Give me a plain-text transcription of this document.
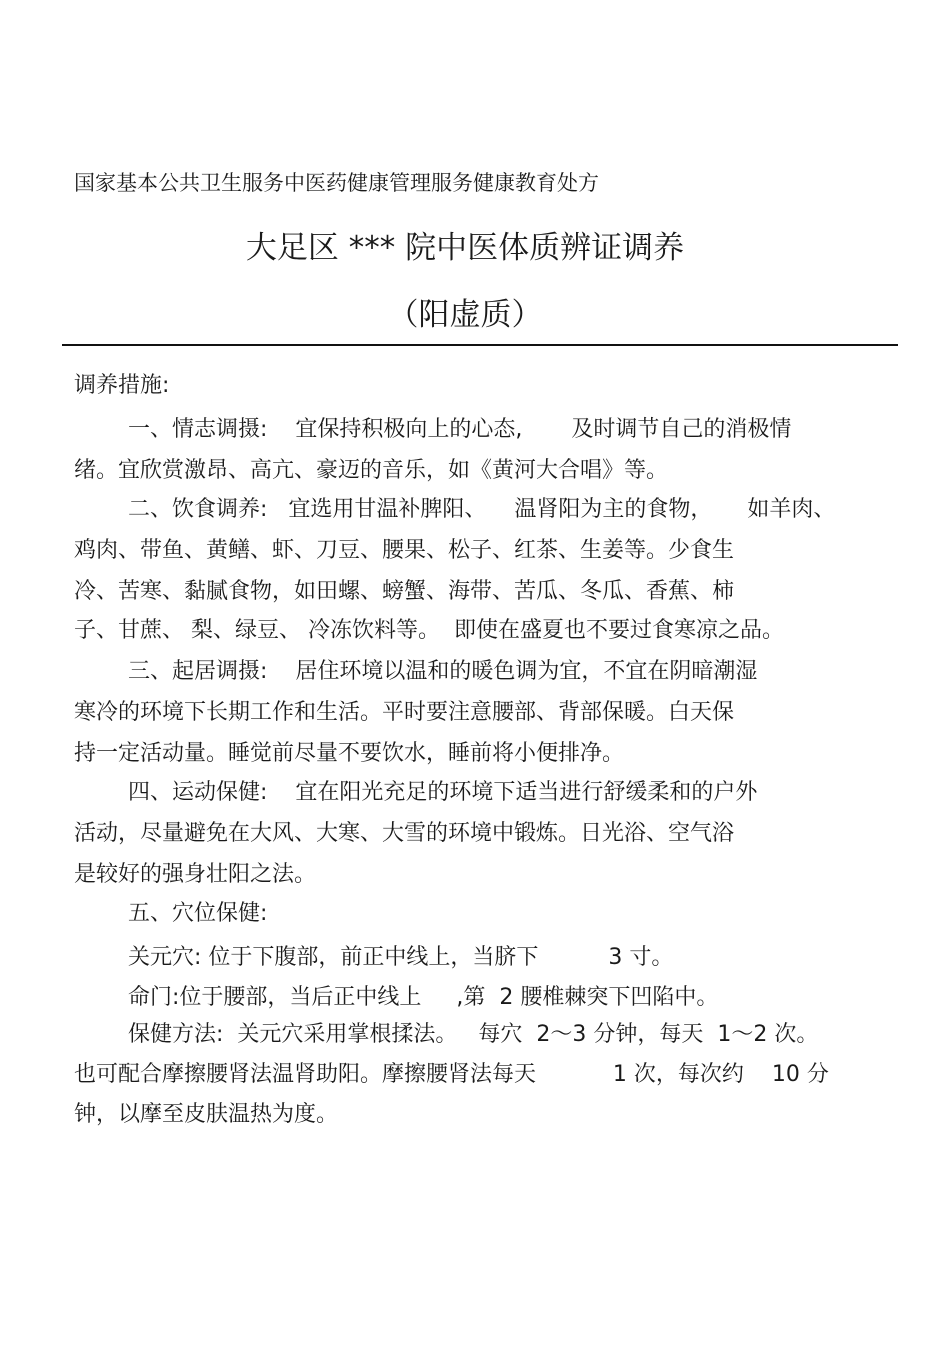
国家基本公共卫生服务中医药健康管理服务健康教育处方
大足区 *** 院中医体质辨证调养
（阳虚质）
调养措施:
一、情志调摄:    宜保持积极向上的心态,       及时调节自己的消极情
绪。宜欣赏激昂、高亢、豪迈的音乐，如《黄河大合唱》等。
二、饮食调养:   宜选用甘温补脾阳、    温肾阳为主的食物，     如羊肉、
鸡肉、带鱼、黄鳝、虾、刀豆、腰果、松子、红茶、生姜等。少食生
冷、苦寒、黏腻食物，如田螺、螃蟹、海带、苦瓜、冬瓜、香蕉、柿
子、甘蔗、 梨、绿豆、 冷冻饮料等。  即使在盛夏也不要过食寒凉之品。
三、起居调摄:    居住环境以温和的暖色调为宜，不宜在阴暗潮湿
寒冷的环境下长期工作和生活。平时要注意腰部、背部保暖。白天保
持一定活动量。睡觉前尽量不要饮水，睡前将小便排净。
四、运动保健:    宜在阳光充足的环境下适当进行舒缓柔和的户外
活动，尽量避免在大风、大寒、大雪的环境中锻炼。日光浴、空气浴
是较好的强身壮阳之法。
五、穴位保健:
关元穴: 位于下腹部，前正中线上，当脐下          3 寸。
命门:位于腰部，当后正中线上     ,第  2 腰椎棘突下凹陷中。
保健方法:  关元穴采用掌根揉法。   每穴  2～3 分钟，每天  1～2 次。
也可配合摩擦腰肾法温肾助阳。摩擦腰肾法每天           1 次，每次约    10 分
钟，以摩至皮肤温热为度。
